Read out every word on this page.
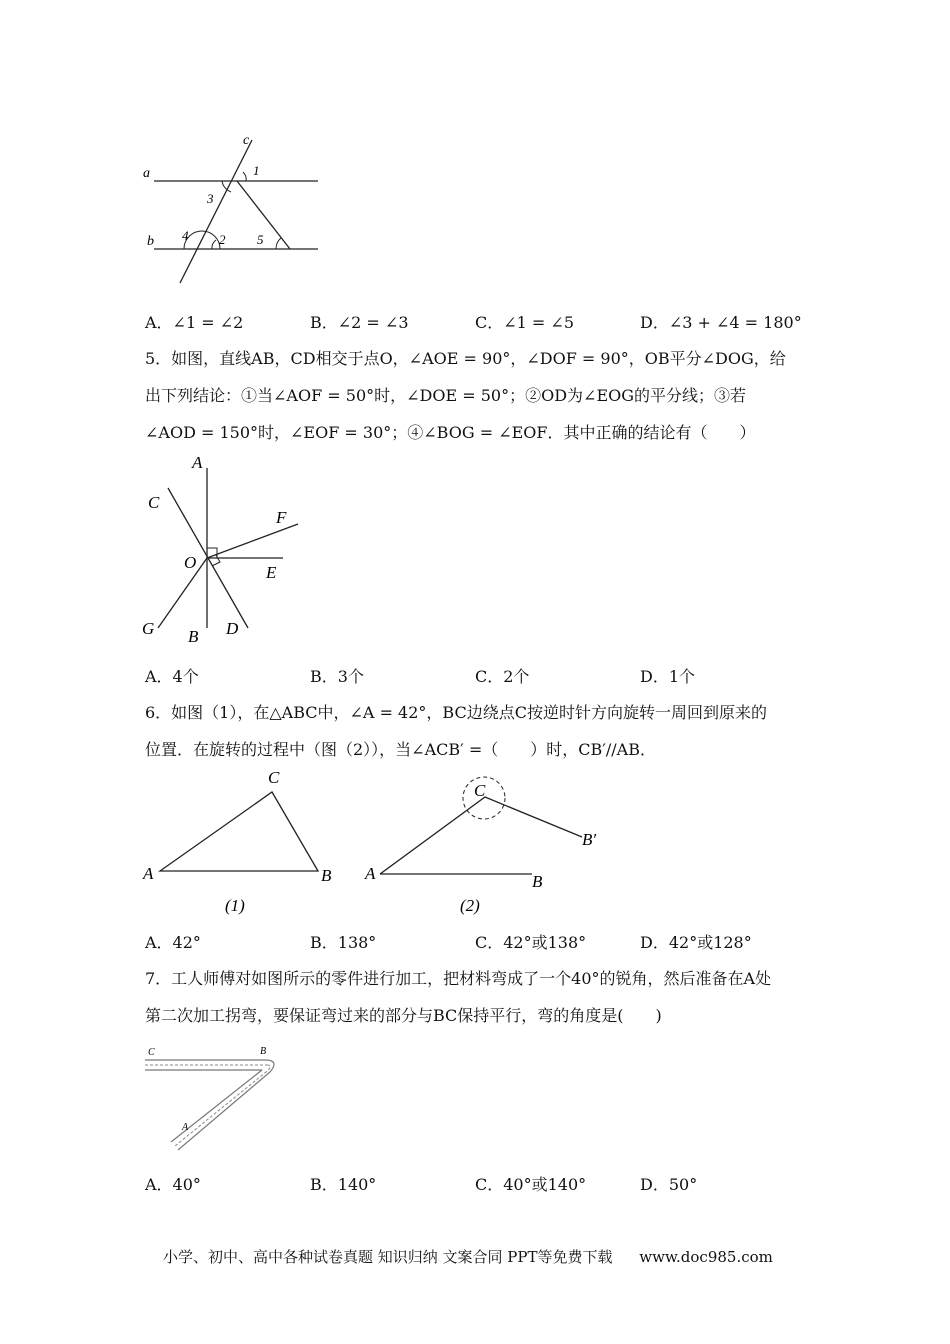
c
a	1
3
b 4 2 5
A．∠1 = ∠2	B．∠2 = ∠3	C．∠1 = ∠5	D．∠3 + ∠4 = 180°
5．如图，直线AB，CD相交于点O，∠AOE = 90°，∠DOF = 90°，OB平分∠DOG，给
出下列结论：①当∠AOF = 50°时，∠DOE = 50°；②OD为∠EOG的平分线；③若
∠AOD = 150°时，∠EOF = 30°；④∠BOG = ∠EOF．其中正确的结论有（　　）
A
C
F
O
E
G B D
A．4个	B．3个	C．2个	D．1个
6．如图（1），在△ABC中，∠A = 42°，BC边绕点C按逆时针方向旋转一周回到原来的
位置．在旋转的过程中（图（2）），当∠ACB′ =（　　）时，CB′//AB．
C
A	B
(1)
C
B′
A	B
(2)
A．42°	B．138°	C．42°或138°	D．42°或128°
7．工人师傅对如图所示的零件进行加工，把材料弯成了一个40°的锐角，然后准备在A处
第二次加工拐弯，要保证弯过来的部分与BC保持平行，弯的角度是(　　)
C	B
A
A．40°	B．140°	C．40°或140°	D．50°
小学、初中、高中各种试卷真题 知识归纳 文案合同 PPT等免费下载 www.doc985.com
